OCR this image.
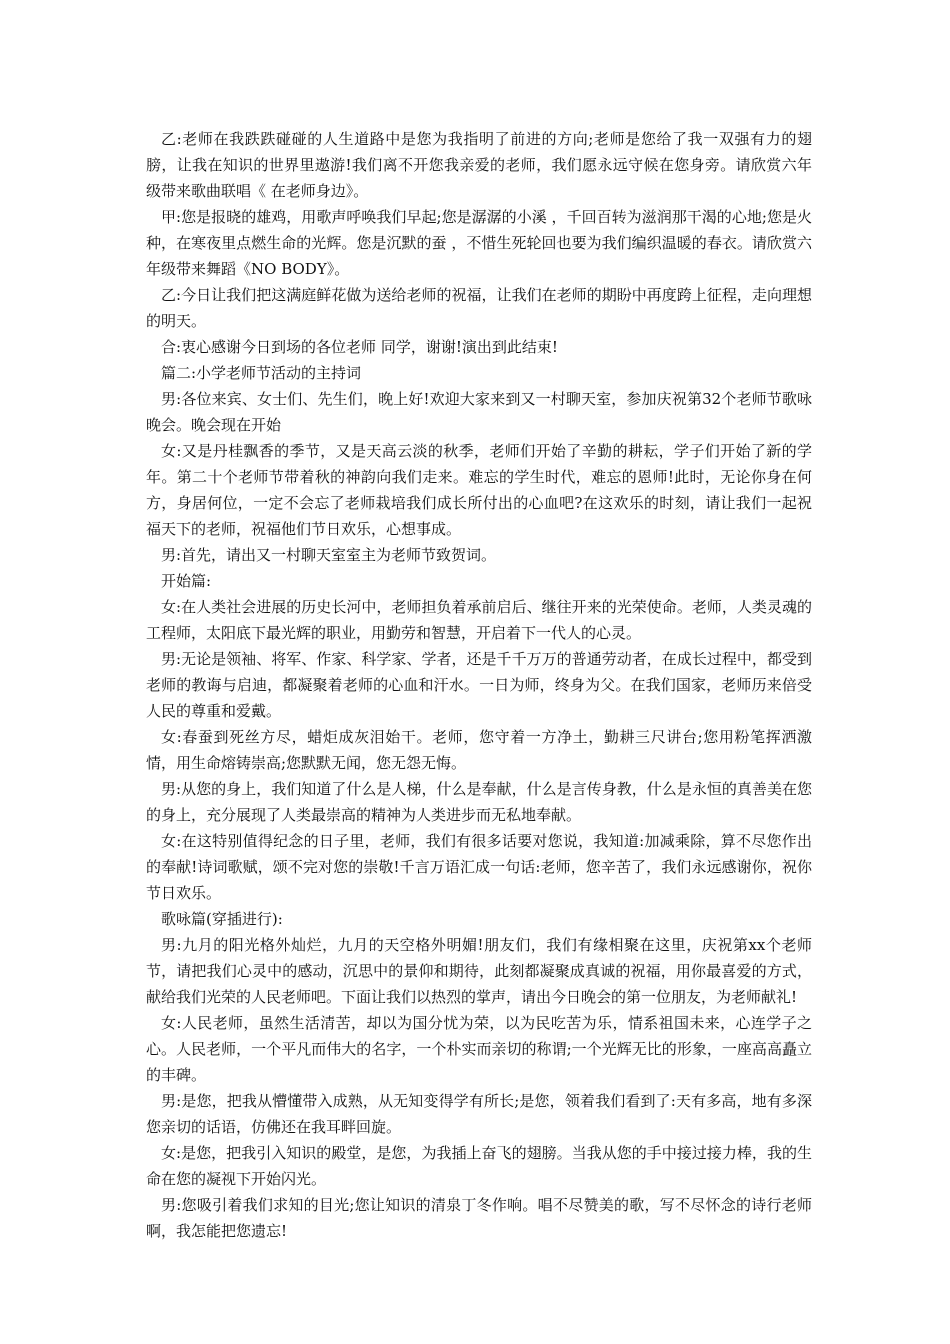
乙:老师在我跌跌碰碰的人生道路中是您为我指明了前进的方向;老师是您给了我一双强有力的翅膀，让我在知识的世界里遨游!我们离不开您我亲爱的老师，我们愿永远守候在您身旁。请欣赏六年级带来歌曲联唱《 在老师身边》。

甲:您是报晓的雄鸡，用歌声呼唤我们早起;您是潺潺的小溪 ，千回百转为滋润那干渴的心地;您是火种，在寒夜里点燃生命的光辉。您是沉默的蚕 ，不惜生死轮回也要为我们编织温暖的春衣。请欣赏六年级带来舞蹈《NO BODY》。

乙:今日让我们把这满庭鲜花做为送给老师的祝福，让我们在老师的期盼中再度跨上征程，走向理想的明天。

合:衷心感谢今日到场的各位老师 同学，谢谢!演出到此结束!

篇二:小学老师节活动的主持词

男:各位来宾、女士们、先生们，晚上好!欢迎大家来到又一村聊天室，参加庆祝第32个老师节歌咏晚会。晚会现在开始

女:又是丹桂飘香的季节，又是天高云淡的秋季，老师们开始了辛勤的耕耘，学子们开始了新的学年。第二十个老师节带着秋的神韵向我们走来。难忘的学生时代，难忘的恩师!此时，无论你身在何方，身居何位，一定不会忘了老师栽培我们成长所付出的心血吧?在这欢乐的时刻，请让我们一起祝福天下的老师，祝福他们节日欢乐，心想事成。

男:首先，请出又一村聊天室室主为老师节致贺词。

开始篇:

女:在人类社会进展的历史长河中，老师担负着承前启后、继往开来的光荣使命。老师，人类灵魂的工程师，太阳底下最光辉的职业，用勤劳和智慧，开启着下一代人的心灵。

男:无论是领袖、将军、作家、科学家、学者，还是千千万万的普通劳动者，在成长过程中，都受到老师的教诲与启迪，都凝聚着老师的心血和汗水。一日为师，终身为父。在我们国家，老师历来倍受人民的尊重和爱戴。

女:春蚕到死丝方尽，蜡炬成灰泪始干。老师，您守着一方净土，勤耕三尺讲台;您用粉笔挥洒激情，用生命熔铸崇高;您默默无闻，您无怨无悔。

男:从您的身上，我们知道了什么是人梯，什么是奉献，什么是言传身教，什么是永恒的真善美在您的身上，充分展现了人类最崇高的精神为人类进步而无私地奉献。

女:在这特别值得纪念的日子里，老师，我们有很多话要对您说，我知道:加减乘除，算不尽您作出的奉献!诗词歌赋，颂不完对您的崇敬!千言万语汇成一句话:老师，您辛苦了，我们永远感谢你，祝你节日欢乐。

歌咏篇(穿插进行):

男:九月的阳光格外灿烂，九月的天空格外明媚!朋友们，我们有缘相聚在这里，庆祝第xx个老师节，请把我们心灵中的感动，沉思中的景仰和期待，此刻都凝聚成真诚的祝福，用你最喜爱的方式，献给我们光荣的人民老师吧。下面让我们以热烈的掌声，请出今日晚会的第一位朋友，为老师献礼!

女:人民老师，虽然生活清苦，却以为国分忧为荣，以为民吃苦为乐，情系祖国未来，心连学子之心。人民老师，一个平凡而伟大的名字，一个朴实而亲切的称谓;一个光辉无比的形象，一座高高矗立的丰碑。

男:是您，把我从懵懂带入成熟，从无知变得学有所长;是您，领着我们看到了:天有多高，地有多深您亲切的话语，仿佛还在我耳畔回旋。

女:是您，把我引入知识的殿堂，是您，为我插上奋飞的翅膀。当我从您的手中接过接力棒，我的生命在您的凝视下开始闪光。

男:您吸引着我们求知的目光;您让知识的清泉丁冬作响。唱不尽赞美的歌，写不尽怀念的诗行老师啊，我怎能把您遗忘!
